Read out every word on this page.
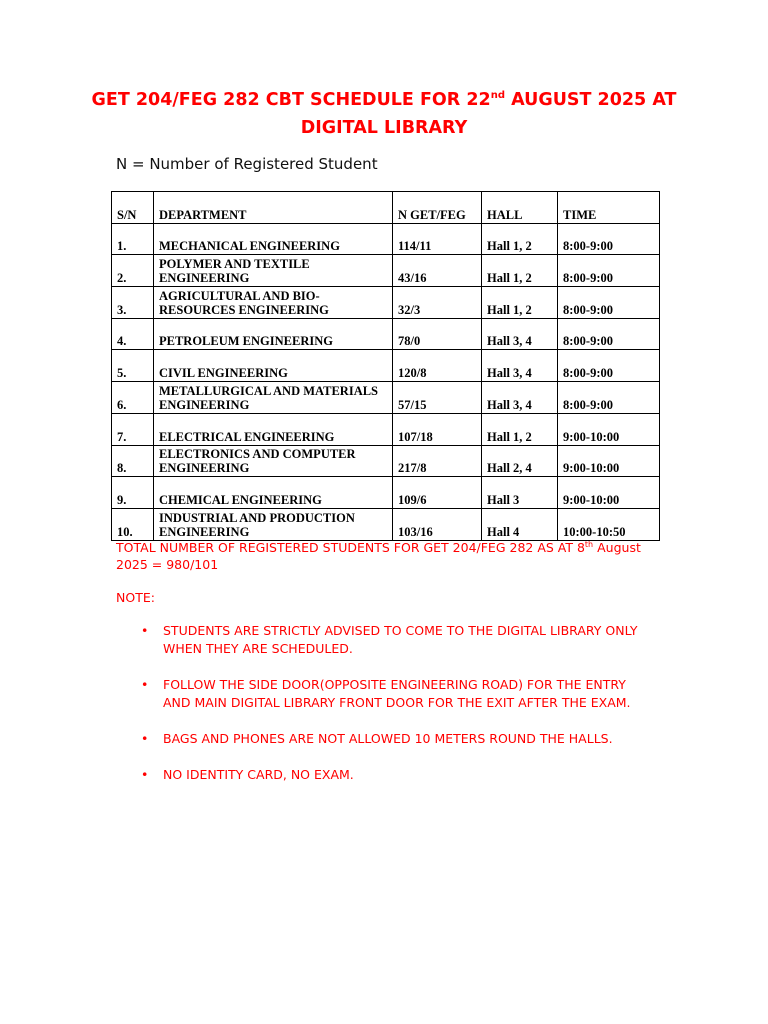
GET 204/FEG 282 CBT SCHEDULE FOR 22nd AUGUST 2025 AT
DIGITAL LIBRARY
N = Number of Registered Student
S/N	DEPARTMENT	N GET/FEG	HALL	TIME
1.	MECHANICAL ENGINEERING	114/11	Hall 1, 2	8:00-9:00
2.	POLYMER AND TEXTILE ENGINEERING	43/16	Hall 1, 2	8:00-9:00
3.	AGRICULTURAL AND BIO-RESOURCES ENGINEERING	32/3	Hall 1, 2	8:00-9:00
4.	PETROLEUM ENGINEERING	78/0	Hall 3, 4	8:00-9:00
5.	CIVIL ENGINEERING	120/8	Hall 3, 4	8:00-9:00
6.	METALLURGICAL AND MATERIALS ENGINEERING	57/15	Hall 3, 4	8:00-9:00
7.	ELECTRICAL ENGINEERING	107/18	Hall 1, 2	9:00-10:00
8.	ELECTRONICS AND COMPUTER ENGINEERING	217/8	Hall 2, 4	9:00-10:00
9.	CHEMICAL ENGINEERING	109/6	Hall 3	9:00-10:00
10.	INDUSTRIAL AND PRODUCTION ENGINEERING	103/16	Hall 4	10:00-10:50
TOTAL NUMBER OF REGISTERED STUDENTS FOR GET 204/FEG 282 AS AT 8th August 2025 = 980/101
NOTE:
• STUDENTS ARE STRICTLY ADVISED TO COME TO THE DIGITAL LIBRARY ONLY WHEN THEY ARE SCHEDULED.
• FOLLOW THE SIDE DOOR(OPPOSITE ENGINEERING ROAD) FOR THE ENTRY AND MAIN DIGITAL LIBRARY FRONT DOOR FOR THE EXIT AFTER THE EXAM.
• BAGS AND PHONES ARE NOT ALLOWED 10 METERS ROUND THE HALLS.
• NO IDENTITY CARD, NO EXAM.
